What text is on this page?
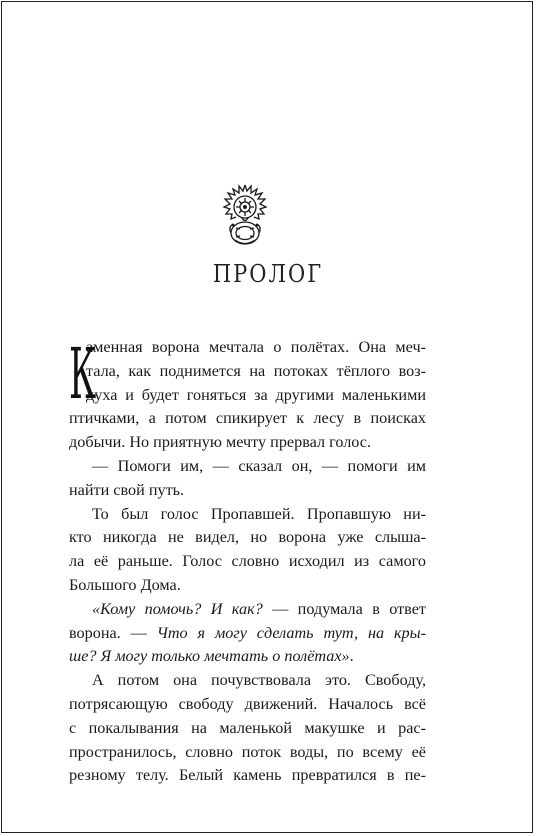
ПРОЛОГ
К
аменная ворона мечтала о полётах. Она меч-
тала, как поднимется на потоках тёплого воз-
духа и будет гоняться за другими маленькими
птичками, а потом спикирует к лесу в поисках
добычи. Но приятную мечту прервал голос.
— Помоги им, — сказал он, — помоги им
найти свой путь.
То был голос Пропавшей. Пропавшую ни-
кто никогда не видел, но ворона уже слыша-
ла её раньше. Голос словно исходил из самого
Большого Дома.
«Кому помочь? И как? — подумала в ответ
ворона. — Что я могу сделать тут, на кры-
ше? Я могу только мечтать о полётах».
А потом она почувствовала это. Свободу,
потрясающую свободу движений. Началось всё
с покалывания на маленькой макушке и рас-
пространилось, словно поток воды, по всему её
резному телу. Белый камень превратился в пе-
